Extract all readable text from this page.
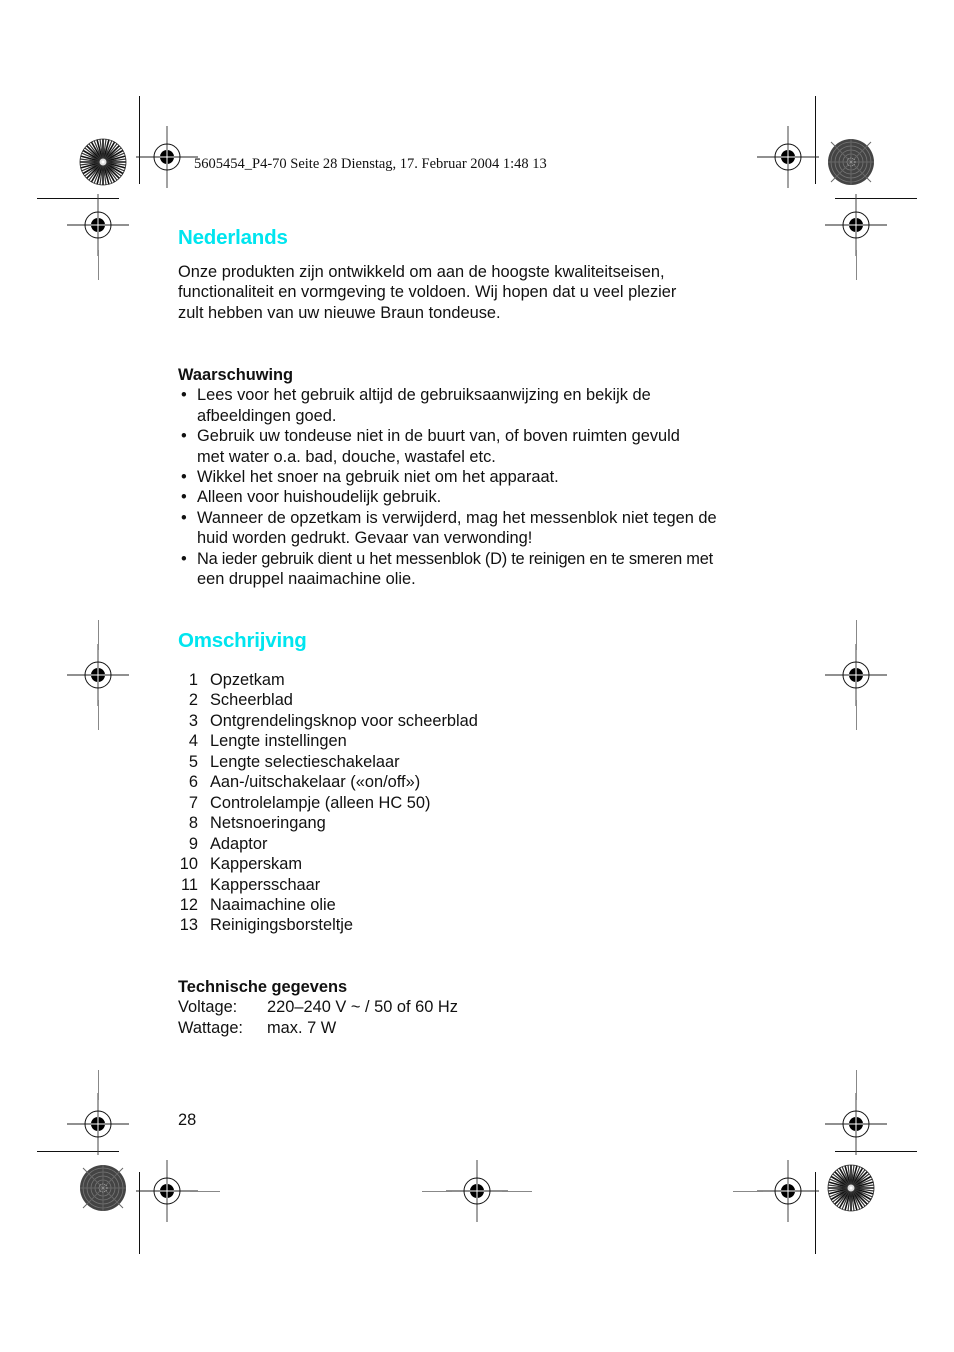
5605454_P4-70 Seite 28 Dienstag, 17. Februar 2004 1:48 13
Nederlands

Onze produkten zijn ontwikkeld om aan de hoogste kwaliteitseisen,

functionaliteit en vormgeving te voldoen. Wij hopen dat u veel plezier

zult hebben van uw nieuwe Braun tondeuse.

Waarschuwing
• Lees voor het gebruik altijd de gebruiksaanwijzing en bekijk de
afbeeldingen goed.
• Gebruik uw tondeuse niet in de buurt van, of boven ruimten gevuld
met water o.a. bad, douche, wastafel etc.
• Wikkel het snoer na gebruik niet om het apparaat.
• Alleen voor huishoudelijk gebruik.
• Wanneer de opzetkam is verwijderd, mag het messenblok niet tegen de
huid worden gedrukt. Gevaar van verwonding!
• Na ieder gebruik dient u het messenblok (D) te reinigen en te smeren met
een druppel naaimachine olie.
Omschrijving
1 Opzetkam
2 Scheerblad
3 Ontgrendelingsknop voor scheerblad
4 Lengte instellingen
5 Lengte selectieschakelaar
6 Aan-/uitschakelaar («on/off»)
7 Controlelampje (alleen HC 50)
8 Netsnoeringang
9 Adaptor
10 Kapperskam
11 Kappersschaar
12 Naaimachine olie
13 Reinigingsborsteltje
Technische gegevens
Voltage:	220–240 V ~ / 50 of 60 Hz
Wattage:	max. 7 W
28
